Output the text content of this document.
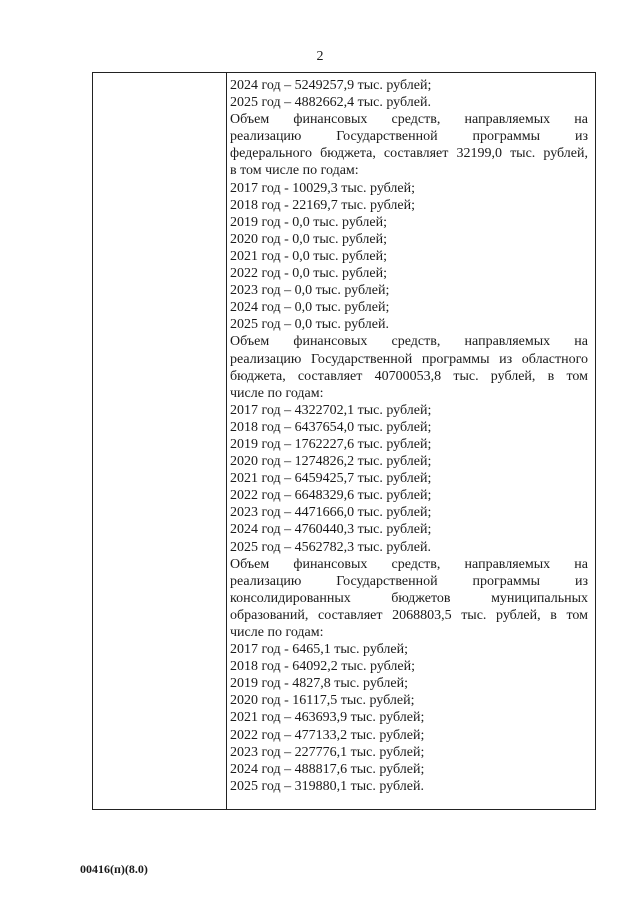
2
2024 год – 5249257,9 тыс. рублей;
2025 год – 4882662,4 тыс. рублей.
Объем финансовых средств, направляемых на
реализацию Государственной программы из
федерального бюджета, составляет 32199,0 тыс. рублей,
в том числе по годам:
2017 год - 10029,3 тыс. рублей;
2018 год - 22169,7 тыс. рублей;
2019 год - 0,0 тыс. рублей;
2020 год - 0,0 тыс. рублей;
2021 год - 0,0 тыс. рублей;
2022 год - 0,0 тыс. рублей;
2023 год – 0,0 тыс. рублей;
2024 год – 0,0 тыс. рублей;
2025 год – 0,0 тыс. рублей.
Объем финансовых средств, направляемых на
реализацию Государственной программы из областного
бюджета, составляет 40700053,8 тыс. рублей, в том
числе по годам:
2017 год – 4322702,1 тыс. рублей;
2018 год – 6437654,0 тыс. рублей;
2019 год – 1762227,6 тыс. рублей;
2020 год – 1274826,2 тыс. рублей;
2021 год – 6459425,7 тыс. рублей;
2022 год – 6648329,6 тыс. рублей;
2023 год – 4471666,0 тыс. рублей;
2024 год – 4760440,3 тыс. рублей;
2025 год – 4562782,3 тыс. рублей.
Объем финансовых средств, направляемых на
реализацию Государственной программы из
консолидированных бюджетов муниципальных
образований, составляет 2068803,5 тыс. рублей, в том
числе по годам:
2017 год - 6465,1 тыс. рублей;
2018 год - 64092,2 тыс. рублей;
2019 год - 4827,8 тыс. рублей;
2020 год - 16117,5 тыс. рублей;
2021 год – 463693,9 тыс. рублей;
2022 год – 477133,2 тыс. рублей;
2023 год – 227776,1 тыс. рублей;
2024 год – 488817,6 тыс. рублей;
2025 год – 319880,1 тыс. рублей.
00416(п)(8.0)
